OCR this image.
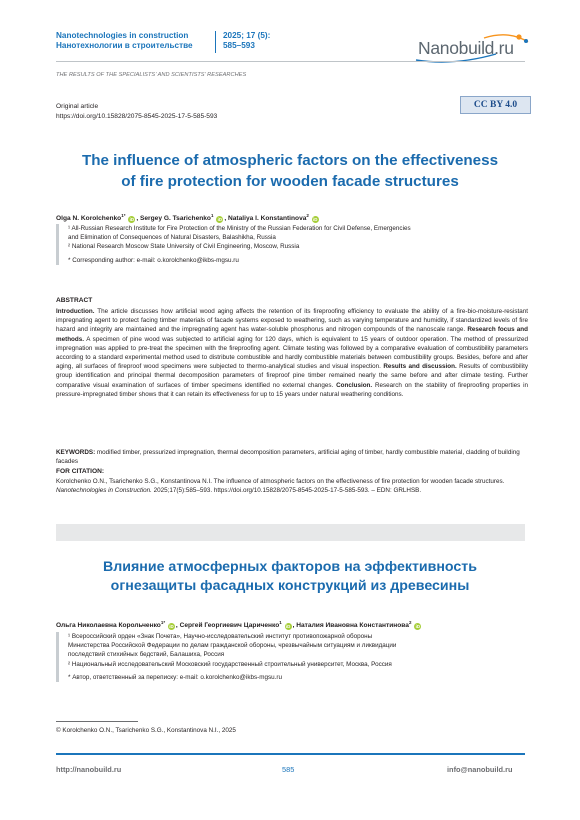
Nanotechnologies in construction
Нанотехнологии в строительстве
2025; 17 (5):
585–593	Nanobuild.ru
THE RESULTS OF THE SPECIALISTS’ AND SCIENTISTS’ RESEARCHES
Original article
https://doi.org/10.15828/2075-8545-2025-17-5-585-593
CC BY 4.0
The influence of atmospheric factors on the effectiveness
of fire protection for wooden facade structures
Olga N. Korolchenko$^{1*}$ iD , Sergey G. Tsarichenko$^1$ iD , Nataliya I. Konstantinova$^2$ iD
¹ All-Russian Research Institute for Fire Protection of the Ministry of the Russian Federation for Civil Defense, Emergencies
and Elimination of Consequences of Natural Disasters, Balashikha, Russia
² National Research Moscow State University of Civil Engineering, Moscow, Russia
* Corresponding author: e-mail: o.korolchenko@ikbs-mgsu.ru
ABSTRACT
Introduction. The article discusses how artificial wood aging affects the retention of its fireproofing efficiency to evaluate the ability of a fire-bio-moisture-resistant impregnating agent to protect facing timber materials of facade systems exposed to weathering, such as varying temperature and humidity, if standardized levels of fire hazard and integrity are maintained and the impregnating agent has water-soluble phosphorus and nitrogen compounds of the nanoscale range. Research focus and methods. A specimen of pine wood was subjected to artificial aging for 120 days, which is equivalent to 15 years of outdoor operation. The method of pressurized impregnation was applied to pre-treat the specimen with the fireproofing agent. Climate testing was followed by a comparative evaluation of combustibility parameters according to a standard experimental method used to distribute combustible and hardly combustible materials between combustibility groups. Besides, before and after aging, all surfaces of fireproof wood specimens were subjected to thermo-analytical studies and visual inspection. Results and discussion. Results of combustibility group identification and principal thermal decomposition parameters of fireproof pine timber remained nearly the same before and after climate testing. Further comparative visual examination of surfaces of timber specimens identified no external changes. Conclusion. Research on the stability of fireproofing properties in pressure-impregnated timber shows that it can retain its effectiveness for up to 15 years under natural weathering conditions.
KEYWORDS: modified timber, pressurized impregnation, thermal decomposition parameters, artificial aging of timber, hardly combustible material, cladding of building facades
FOR CITATION:
Korolchenko O.N., Tsarichenko S.G., Konstantinova N.I. The influence of atmospheric factors on the effectiveness of fire protection for wooden facade structures. Nanotechnologies in Construction. 2025;17(5):585–593. https://doi.org/10.15828/2075-8545-2025-17-5-585-593. – EDN: GRLHSB.
Влияние атмосферных факторов на эффективность
огнезащиты фасадных конструкций из древесины
Ольга Николаевна Корольченко$^{1*}$ iD , Сергей Георгиевич Цариченко$^1$ iD , Наталия Ивановна Константинова$^2$ iD
¹ Всероссийский орден «Знак Почета», Научно-исследовательский институт противопожарной обороны
Министерства Российской Федерации по делам гражданской обороны, чрезвычайным ситуациям и ликвидации
последствий стихийных бедствий, Балашиха, Россия
² Национальный исследовательский Московский государственный строительный университет, Москва, Россия
* Автор, ответственный за переписку: e-mail: o.korolchenko@ikbs-mgsu.ru
© Korolchenko O.N., Tsarichenko S.G., Konstantinova N.I., 2025
http://nanobuild.ru	585	info@nanobuild.ru
